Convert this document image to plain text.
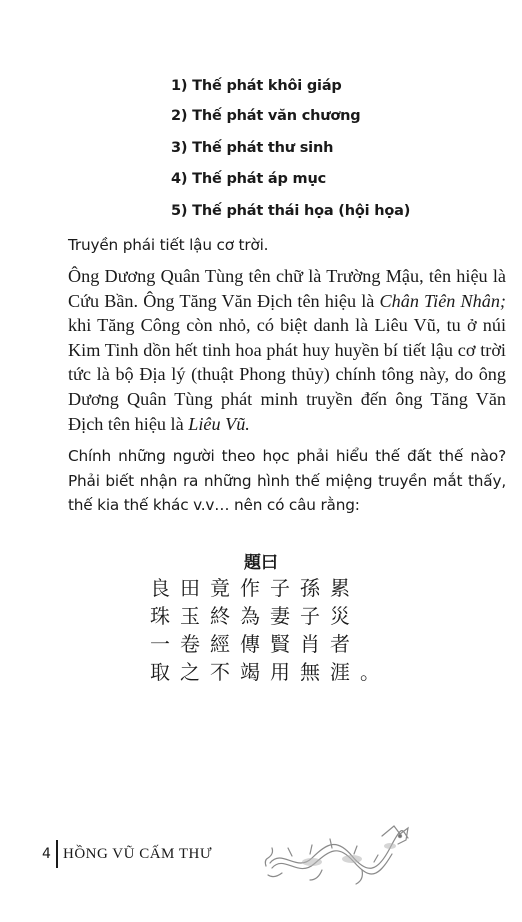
1) Thế phát khôi giáp
2) Thế phát văn chương
3) Thế phát thư sinh
4) Thế phát áp mục
5) Thế phát thái họa (hội họa)
Truyền phái tiết lậu cơ trời.
Ông Dương Quân Tùng tên chữ là Trường Mậu, tên hiệu là Cứu Bần. Ông Tăng Văn Địch tên hiệu là Chân Tiên Nhân; khi Tăng Công còn nhỏ, có biệt danh là Liêu Vũ, tu ở núi Kim Tinh dồn hết tinh hoa phát huy huyền bí tiết lậu cơ trời tức là bộ Địa lý (thuật Phong thủy) chính tông này, do ông Dương Quân Tùng phát minh truyền đến ông Tăng Văn Địch tên hiệu là Liêu Vũ.
Chính những người theo học phải hiểu thế đất thế nào? Phải biết nhận ra những hình thế miệng truyền mắt thấy, thế kia thế khác v.v… nên có câu rằng:
題曰
良田竟作子孫累
珠玉終為妻子災
一卷經傳賢肖者
取之不竭用無涯。
4 HỒNG VŨ CẤM THƯ
